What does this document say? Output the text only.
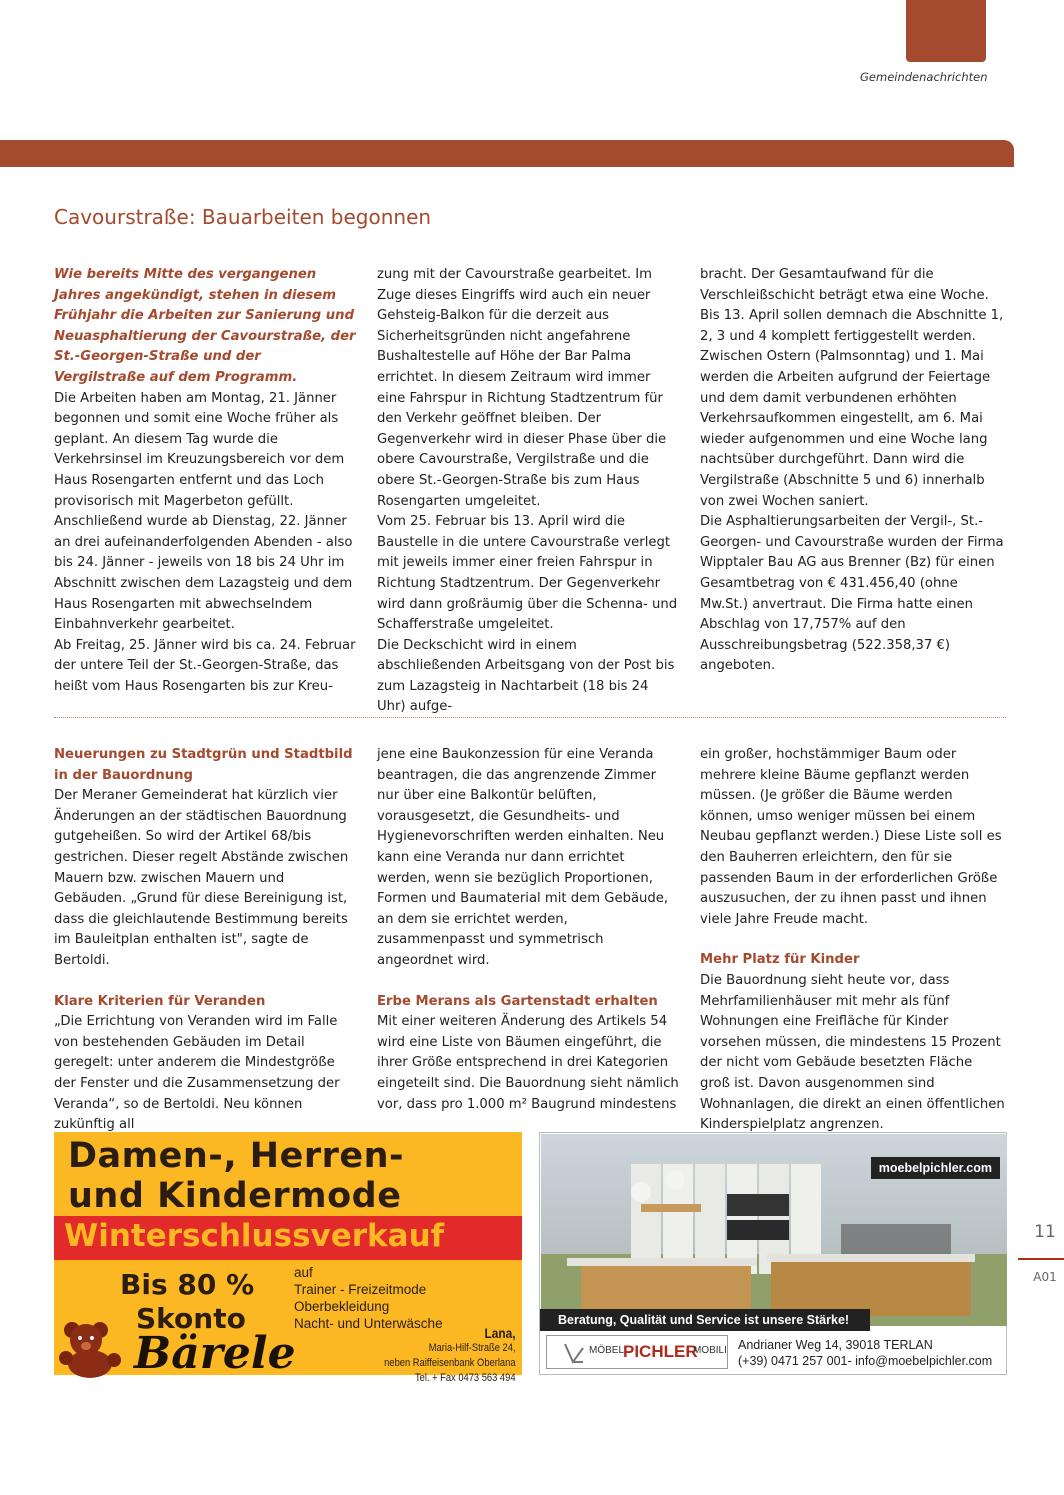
Gemeindenachrichten
Cavourstraße: Bauarbeiten begonnen

Wie bereits Mitte des vergangenen Jahres angekündigt, stehen in diesem Frühjahr die Arbeiten zur Sanierung und Neuasphaltierung der Cavourstraße, der St.-Georgen-Straße und der Vergilstraße auf dem Programm.

Die Arbeiten haben am Montag, 21. Jänner begonnen und somit eine Woche früher als geplant. An diesem Tag wurde die Verkehrsinsel im Kreuzungsbereich vor dem Haus Rosengarten entfernt und das Loch provisorisch mit Magerbeton gefüllt. Anschließend wurde ab Dienstag, 22. Jänner an drei aufeinanderfolgenden Abenden - also bis 24. Jänner - jeweils von 18 bis 24 Uhr im Abschnitt zwischen dem Lazagsteig und dem Haus Rosengarten mit abwechselndem Einbahnverkehr gearbeitet.

Ab Freitag, 25. Jänner wird bis ca. 24. Februar der untere Teil der St.-Georgen-Straße, das heißt vom Haus Rosengarten bis zur Kreu-

zung mit der Cavourstraße gearbeitet. Im Zuge dieses Eingriffs wird auch ein neuer Gehsteig-Balkon für die derzeit aus Sicherheitsgründen nicht angefahrene Bushaltestelle auf Höhe der Bar Palma errichtet. In diesem Zeitraum wird immer eine Fahrspur in Richtung Stadtzentrum für den Verkehr geöffnet bleiben. Der Gegenverkehr wird in dieser Phase über die obere Cavourstraße, Vergilstraße und die obere St.-Georgen-Straße bis zum Haus Rosengarten umgeleitet.

Vom 25. Februar bis 13. April wird die Baustelle in die untere Cavourstraße verlegt mit jeweils immer einer freien Fahrspur in Richtung Stadtzentrum. Der Gegenverkehr wird dann großräumig über die Schenna- und Schafferstraße umgeleitet.

Die Deckschicht wird in einem abschließenden Arbeitsgang von der Post bis zum Lazagsteig in Nachtarbeit (18 bis 24 Uhr) aufge-

bracht. Der Gesamtaufwand für die Verschleißschicht beträgt etwa eine Woche. Bis 13. April sollen demnach die Abschnitte 1, 2, 3 und 4 komplett fertiggestellt werden. Zwischen Ostern (Palmsonntag) und 1. Mai werden die Arbeiten aufgrund der Feiertage und dem damit verbundenen erhöhten Verkehrsaufkommen eingestellt, am 6. Mai wieder aufgenommen und eine Woche lang nachtsüber durchgeführt. Dann wird die Vergilstraße (Abschnitte 5 und 6) innerhalb von zwei Wochen saniert.

Die Asphaltierungsarbeiten der Vergil-, St.-Georgen- und Cavourstraße wurden der Firma Wipptaler Bau AG aus Brenner (Bz) für einen Gesamtbetrag von € 431.456,40 (ohne Mw.St.) anvertraut. Die Firma hatte einen Abschlag von 17,757% auf den Ausschreibungsbetrag (522.358,37 €) angeboten.

Neuerungen zu Stadtgrün und Stadtbild in der Bauordnung

Der Meraner Gemeinderat hat kürzlich vier Änderungen an der städtischen Bauordnung gutgeheißen. So wird der Artikel 68/bis gestrichen. Dieser regelt Abstände zwischen Mauern bzw. zwischen Mauern und Gebäuden. „Grund für diese Bereinigung ist, dass die gleichlautende Bestimmung bereits im Bauleitplan enthalten ist", sagte de Bertoldi.

Klare Kriterien für Veranden

„Die Errichtung von Veranden wird im Falle von bestehenden Gebäuden im Detail geregelt: unter anderem die Mindestgröße der Fenster und die Zusammensetzung der Veranda“, so de Bertoldi. Neu können zukünftig all

jene eine Baukonzession für eine Veranda beantragen, die das angrenzende Zimmer nur über eine Balkontür belüften, vorausgesetzt, die Gesundheits- und Hygienevorschriften werden einhalten. Neu kann eine Veranda nur dann errichtet werden, wenn sie bezüglich Proportionen, Formen und Baumaterial mit dem Gebäude, an dem sie errichtet werden, zusammenpasst und symmetrisch angeordnet wird.

Erbe Merans als Gartenstadt erhalten

Mit einer weiteren Änderung des Artikels 54 wird eine Liste von Bäumen eingeführt, die ihrer Größe entsprechend in drei Kategorien eingeteilt sind. Die Bauordnung sieht nämlich vor, dass pro 1.000 m² Baugrund mindestens

ein großer, hochstämmiger Baum oder mehrere kleine Bäume gepflanzt werden müssen. (Je größer die Bäume werden können, umso weniger müssen bei einem Neubau gepflanzt werden.) Diese Liste soll es den Bauherren erleichtern, den für sie passenden Baum in der erforderlichen Größe auszusuchen, der zu ihnen passt und ihnen viele Jahre Freude macht.

Mehr Platz für Kinder

Die Bauordnung sieht heute vor, dass Mehrfamilienhäuser mit mehr als fünf Wohnungen eine Freifläche für Kinder vorsehen müssen, die mindestens 15 Prozent der nicht vom Gebäude besetzten Fläche groß ist. Davon ausgenommen sind Wohnanlagen, die direkt an einen öffentlichen Kinderspielplatz angrenzen.

Damen-, Herren-
und Kindermode
Winterschlussverkauf
Bis 80 %
Skonto
auf
Trainer - Freizeitmode
Oberbekleidung
Nacht- und Unterwäsche
Bärele	Lana,
Maria-Hilf-Straße 24,
neben Raiffeisenbank Oberlana
Tel. + Fax 0473 563 494
moebelpichler.com
Beratung, Qualität und Service ist unsere Stärke!
MÖBEL
PICHLER
MOBILI Andrianer Weg 14, 39018 TERLAN
(+39) 0471 257 001- info@moebelpichler.com
11
A01
